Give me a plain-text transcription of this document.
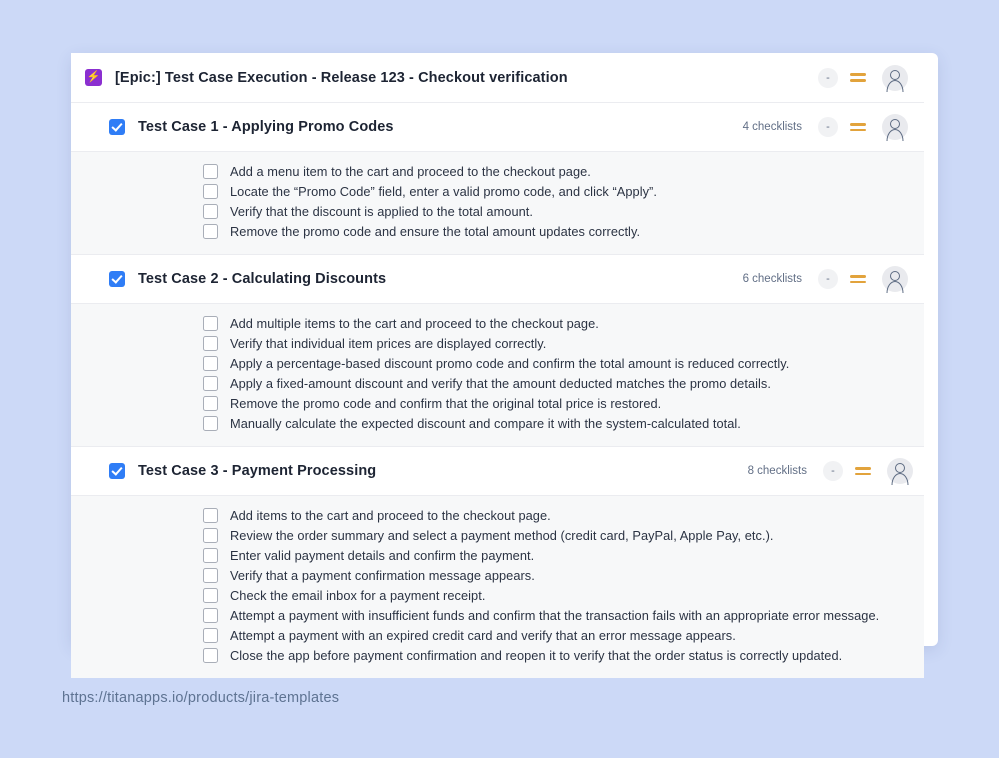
⚡ [Epic:] Test Case Execution - Release 123 - Checkout verification	-
Test Case 1 - Applying Promo Codes	4 checklists	-
Add a menu item to the cart and proceed to the checkout page.
Locate the “Promo Code” field, enter a valid promo code, and click “Apply”.
Verify that the discount is applied to the total amount.
Remove the promo code and ensure the total amount updates correctly.
Test Case 2 - Calculating Discounts	6 checklists	-
Add multiple items to the cart and proceed to the checkout page.
Verify that individual item prices are displayed correctly.
Apply a percentage-based discount promo code and confirm the total amount is reduced correctly.
Apply a fixed-amount discount and verify that the amount deducted matches the promo details.
Remove the promo code and confirm that the original total price is restored.
Manually calculate the expected discount and compare it with the system-calculated total.
Test Case 3 - Payment Processing	8 checklists	-
Add items to the cart and proceed to the checkout page.
Review the order summary and select a payment method (credit card, PayPal, Apple Pay, etc.).
Enter valid payment details and confirm the payment.
Verify that a payment confirmation message appears.
Check the email inbox for a payment receipt.
Attempt a payment with insufficient funds and confirm that the transaction fails with an appropriate error message.
Attempt a payment with an expired credit card and verify that an error message appears.
Close the app before payment confirmation and reopen it to verify that the order status is correctly updated.
https://titanapps.io/products/jira-templates
